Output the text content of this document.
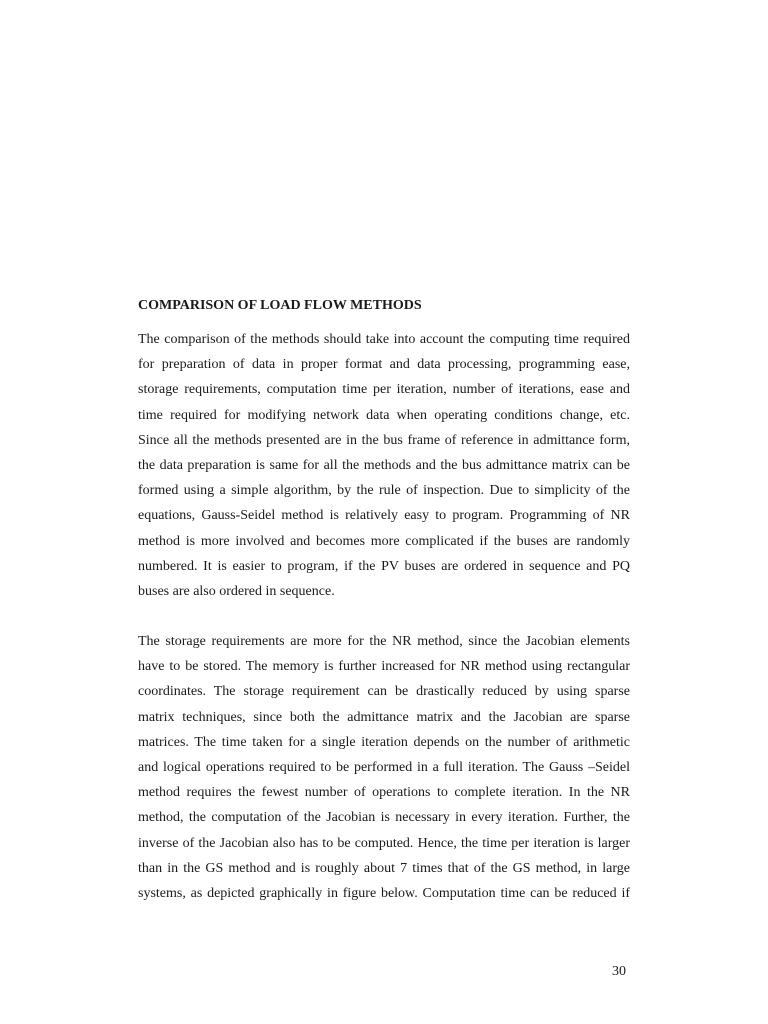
COMPARISON OF LOAD FLOW METHODS
The comparison of the methods should take into account the computing time required
for preparation of data in proper format and data processing, programming ease,
storage requirements, computation time per iteration, number of iterations, ease and
time required for modifying network data when operating conditions change, etc.
Since all the methods presented are in the bus frame of reference in admittance form,
the data preparation is same for all the methods and the bus admittance matrix can be
formed using a simple algorithm, by the rule of inspection. Due to simplicity of the
equations, Gauss-Seidel method is relatively easy to program. Programming of NR
method is more involved and becomes more complicated if the buses are randomly
numbered. It is easier to program, if the PV buses are ordered in sequence and PQ
buses are also ordered in sequence.
The storage requirements are more for the NR method, since the Jacobian elements
have to be stored. The memory is further increased for NR method using rectangular
coordinates. The storage requirement can be drastically reduced by using sparse
matrix techniques, since both the admittance matrix and the Jacobian are sparse
matrices. The time taken for a single iteration depends on the number of arithmetic
and logical operations required to be performed in a full iteration. The Gauss –Seidel
method requires the fewest number of operations to complete iteration. In the NR
method, the computation of the Jacobian is necessary in every iteration. Further, the
inverse of the Jacobian also has to be computed. Hence, the time per iteration is larger
than in the GS method and is roughly about 7 times that of the GS method, in large
systems, as depicted graphically in figure below. Computation time can be reduced if
30
